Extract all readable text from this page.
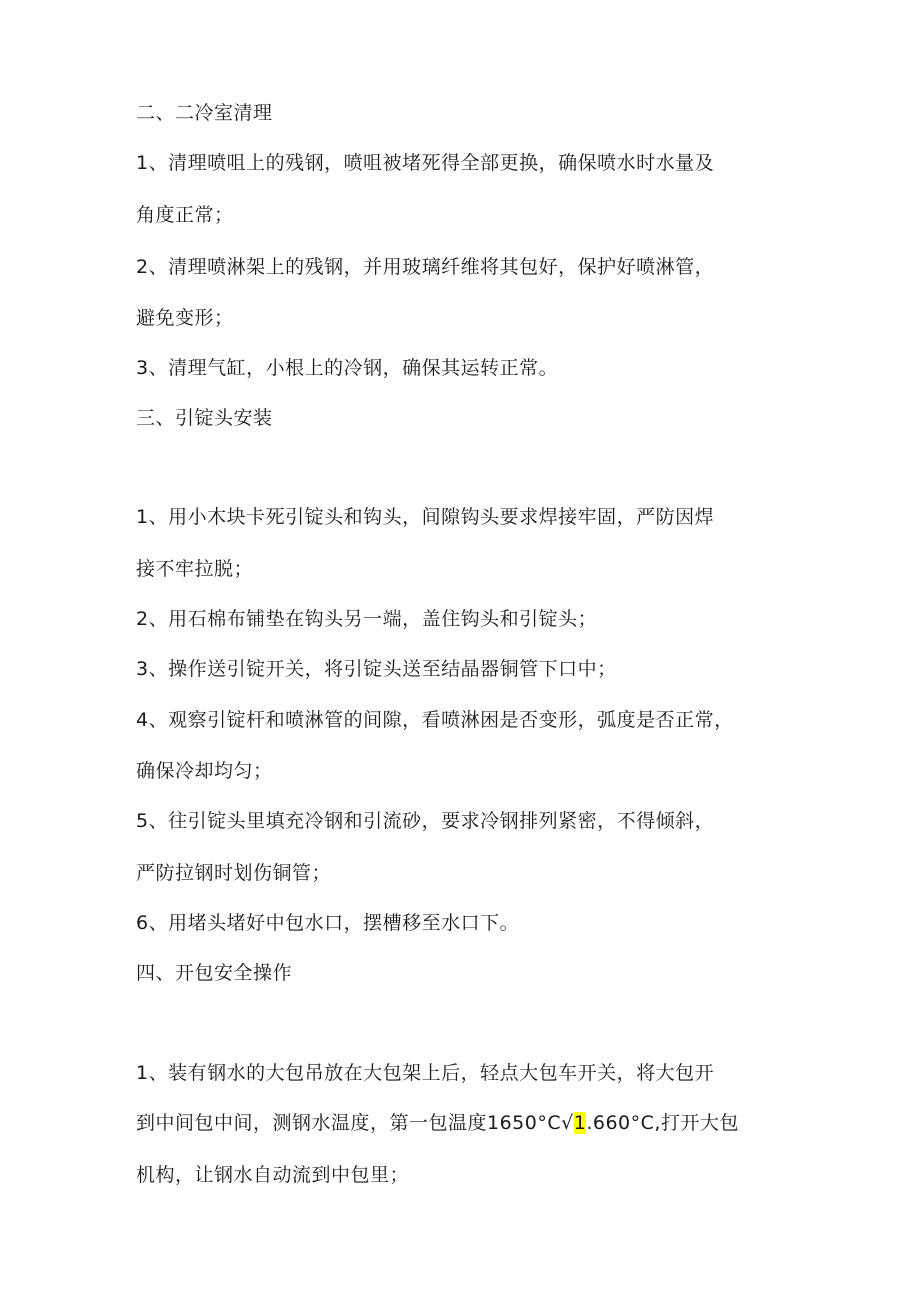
二、二冷室清理
1、清理喷咀上的残钢，喷咀被堵死得全部更换，确保喷水时水量及
角度正常；
2、清理喷淋架上的残钢，并用玻璃纤维将其包好，保护好喷淋管，
避免变形；
3、清理气缸，小根上的冷钢，确保其运转正常。
三、引锭头安装
1、用小木块卡死引锭头和钩头，间隙钩头要求焊接牢固，严防因焊
接不牢拉脱；
2、用石棉布铺垫在钩头另一端，盖住钩头和引锭头；
3、操作送引锭开关，将引锭头送至结晶器铜管下口中；
4、观察引锭杆和喷淋管的间隙，看喷淋困是否变形，弧度是否正常，
确保冷却均匀；
5、往引锭头里填充冷钢和引流砂，要求冷钢排列紧密，不得倾斜，
严防拉钢时划伤铜管；
6、用堵头堵好中包水口，摆槽移至水口下。
四、开包安全操作
1、装有钢水的大包吊放在大包架上后，轻点大包车开关，将大包开
到中间包中间，测钢水温度，第一包温度1650°C√1.660°C,打开大包
机构，让钢水自动流到中包里；
